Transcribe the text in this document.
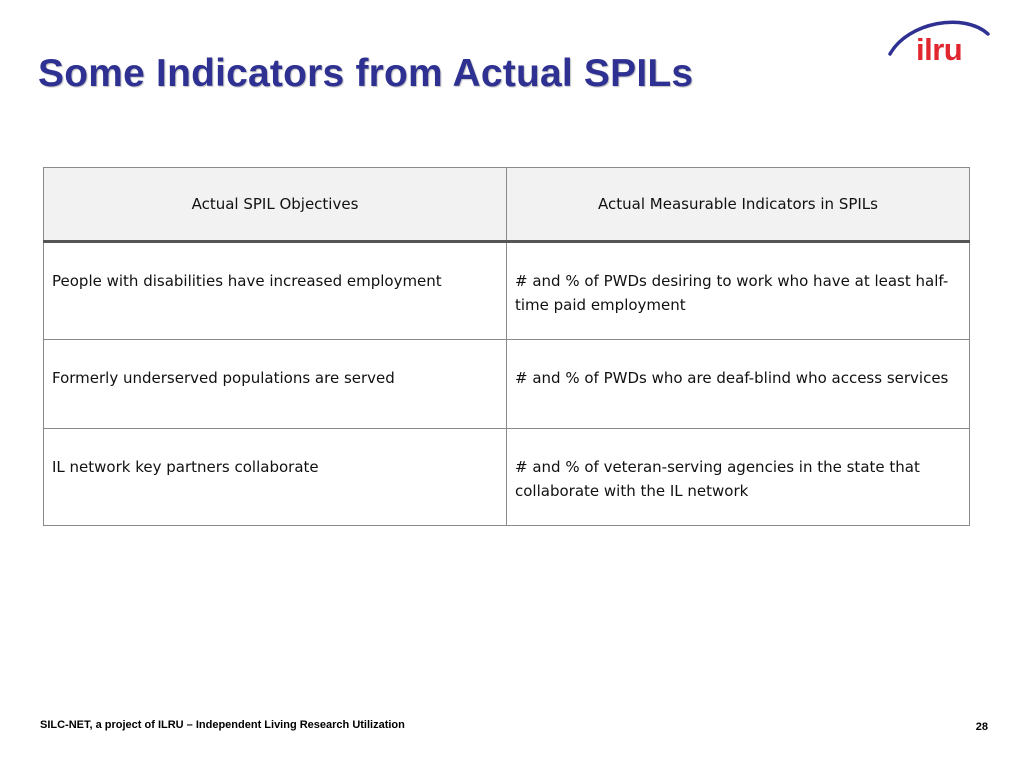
Some Indicators from Actual SPILs
ilru
Actual SPIL Objectives	Actual Measurable Indicators in SPILs
People with disabilities have increased employment	# and % of PWDs desiring to work who have at least half-time paid employment
Formerly underserved populations are served	# and % of PWDs who are deaf-blind who access services
IL network key partners collaborate	# and % of veteran-serving agencies in the state that collaborate with the IL network
SILC-NET, a project of ILRU – Independent Living Research Utilization	28
